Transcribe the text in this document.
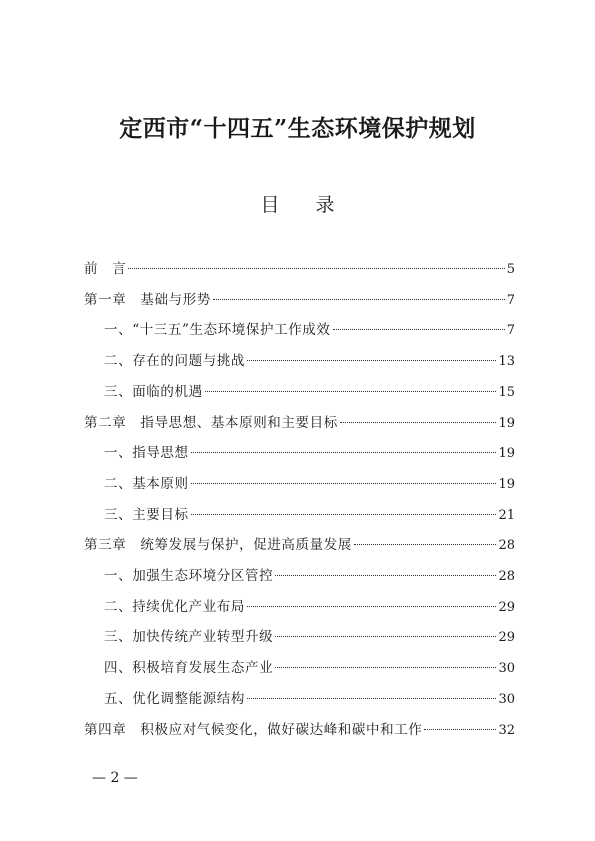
定西市“十四五”生态环境保护规划
目 录
前　言	5
第一章　基础与形势	7
一、“十三五”生态环境保护工作成效	7
二、存在的问题与挑战	13
三、面临的机遇	15
第二章　指导思想、基本原则和主要目标	19
一、指导思想	19
二、基本原则	19
三、主要目标	21
第三章　统筹发展与保护，促进高质量发展	28
一、加强生态环境分区管控	28
二、持续优化产业布局	29
三、加快传统产业转型升级	29
四、积极培育发展生态产业	30
五、优化调整能源结构	30
第四章　积极应对气候变化，做好碳达峰和碳中和工作	32
— 2 —
